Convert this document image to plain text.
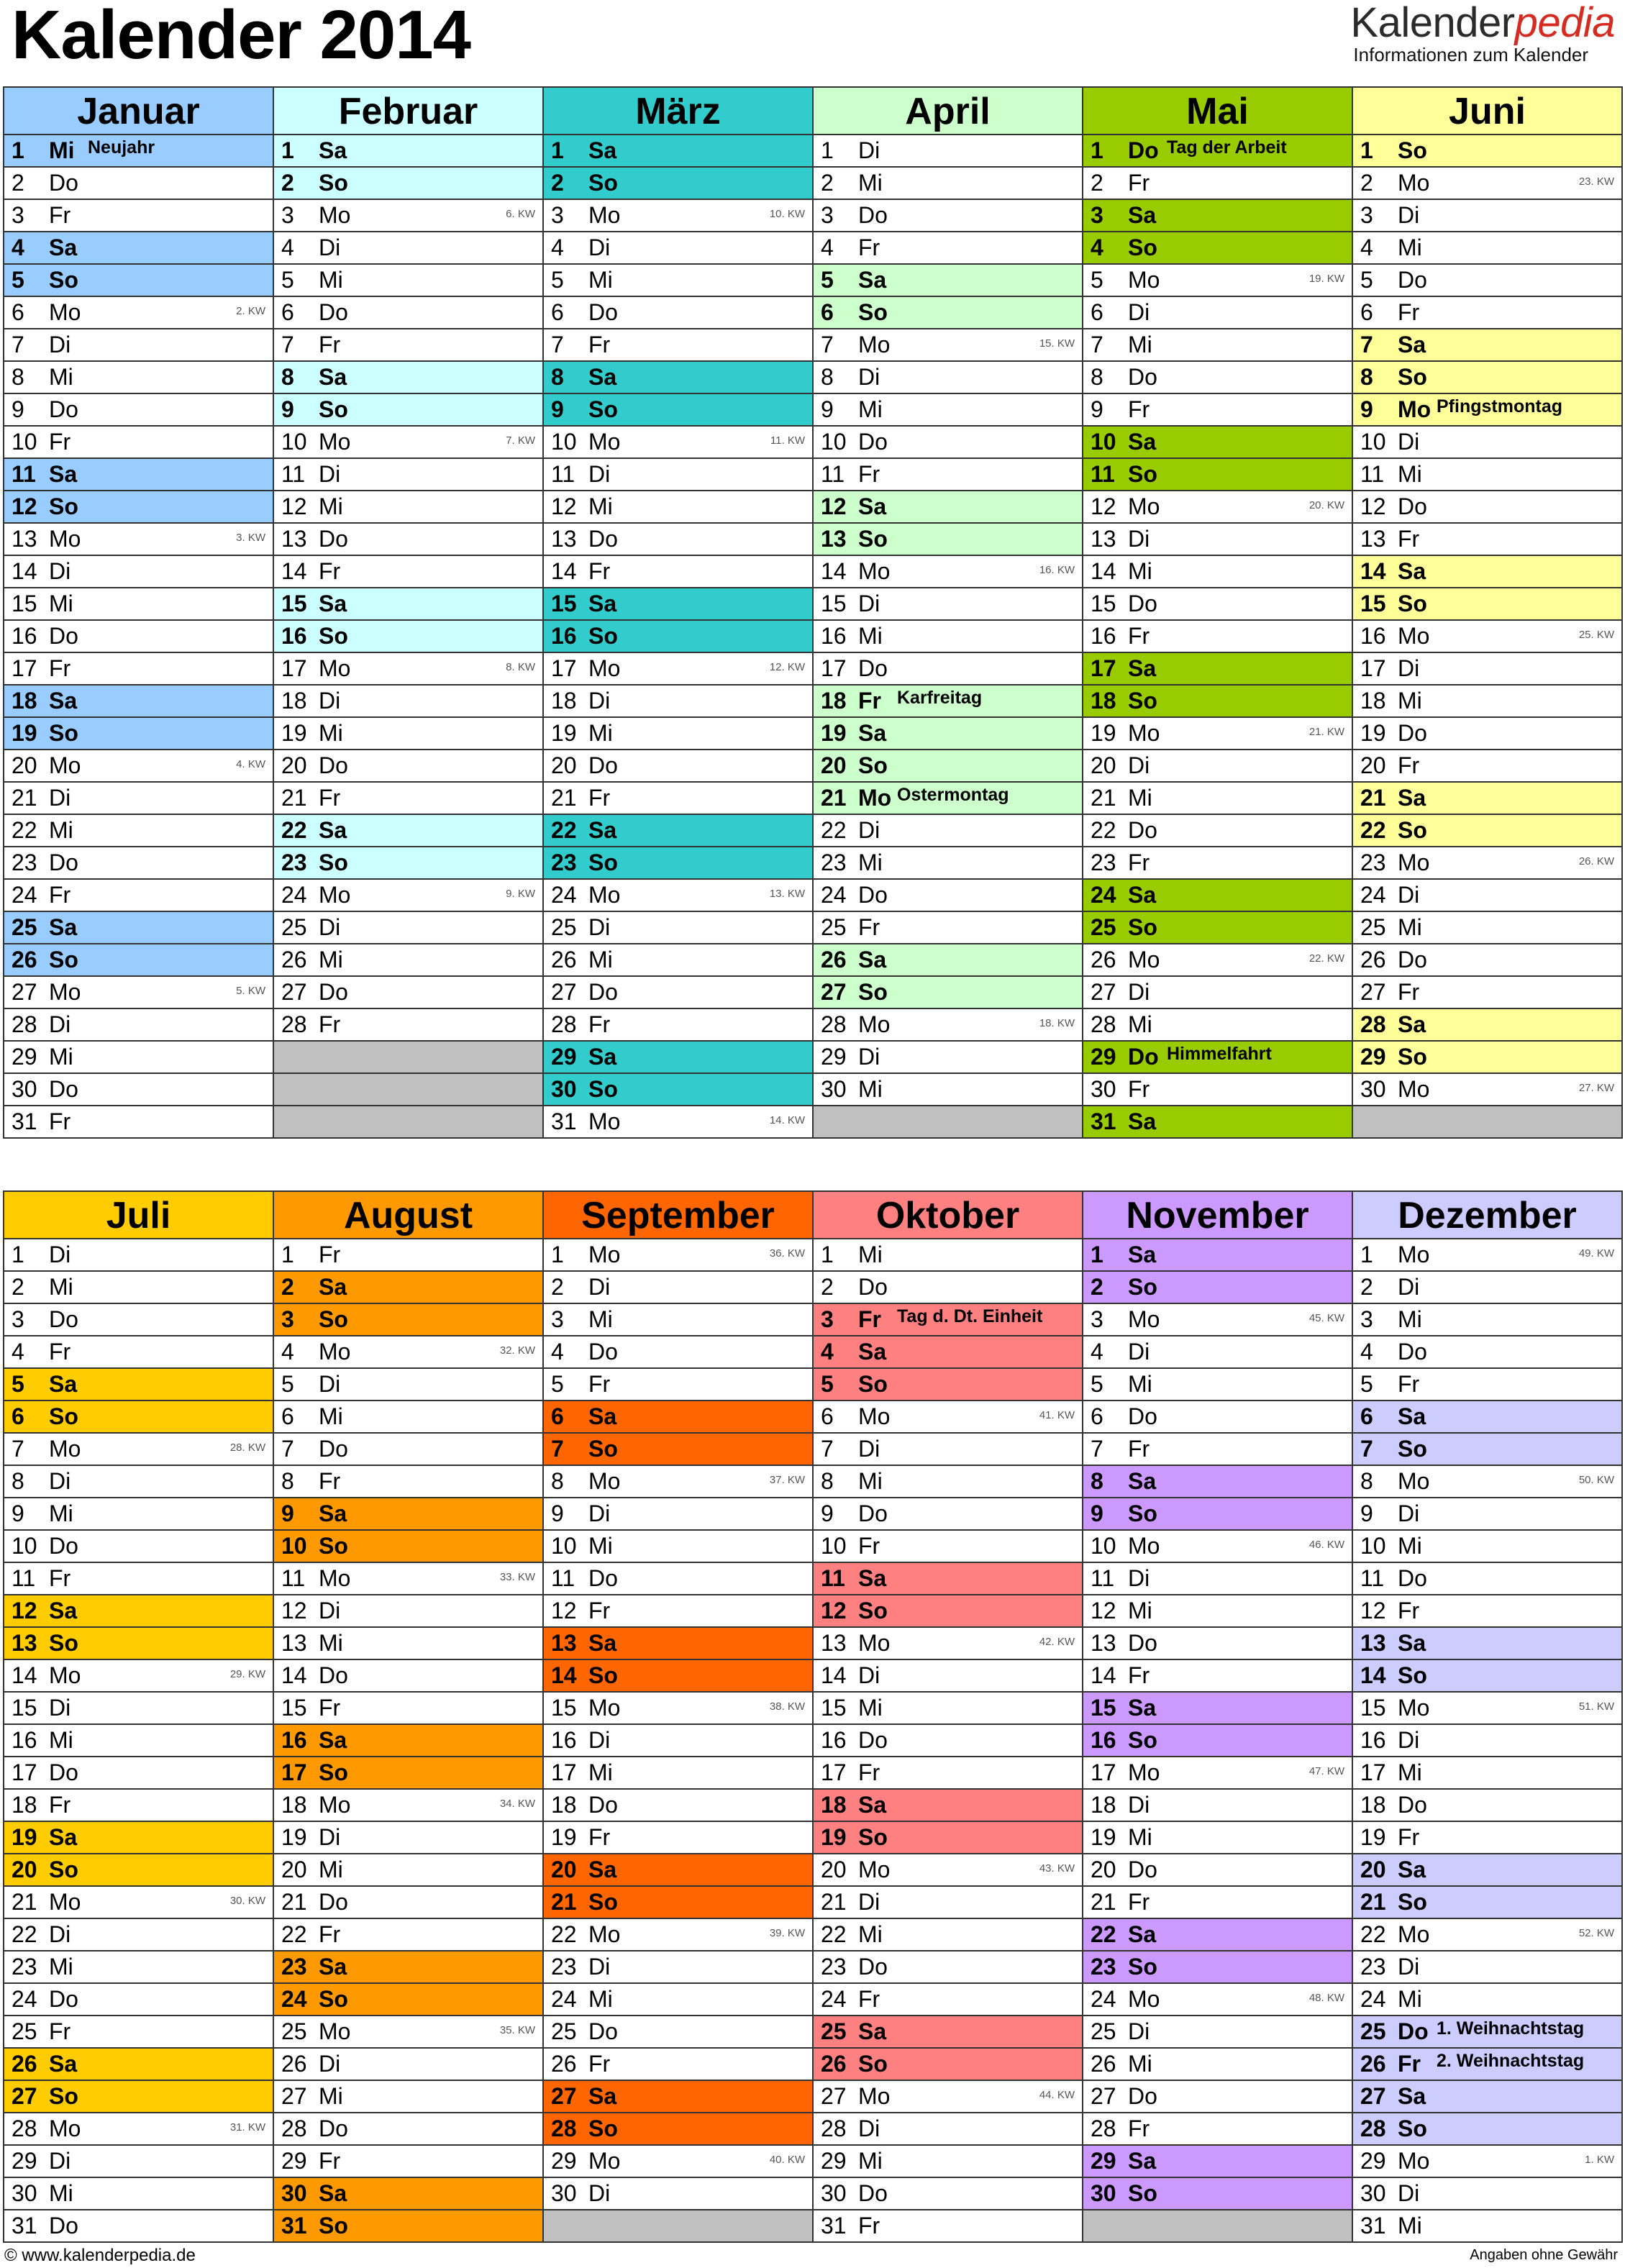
Kalender 2014	Kalenderpedia
Informationen zum Kalender
Januar
1 Mi Neujahr
2 Do
3 Fr
4 Sa
5 So
6 Mo	2. KW
7 Di
8 Mi
9 Do
10 Fr
11 Sa
12 So
13 Mo	3. KW
14 Di
15 Mi
16 Do
17 Fr
18 Sa
19 So
20 Mo	4. KW
21 Di
22 Mi
23 Do
24 Fr
25 Sa
26 So
27 Mo	5. KW
28 Di
29 Mi
30 Do
31 Fr
Februar
1 Sa
2 So
3 Mo	6. KW
4 Di
5 Mi
6 Do
7 Fr
8 Sa
9 So
10 Mo	7. KW
11 Di
12 Mi
13 Do
14 Fr
15 Sa
16 So
17 Mo	8. KW
18 Di
19 Mi
20 Do
21 Fr
22 Sa
23 So
24 Mo	9. KW
25 Di
26 Mi
27 Do
28 Fr
März
1 Sa
2 So
3 Mo	10. KW
4 Di
5 Mi
6 Do
7 Fr
8 Sa
9 So
10 Mo	11. KW
11 Di
12 Mi
13 Do
14 Fr
15 Sa
16 So
17 Mo	12. KW
18 Di
19 Mi
20 Do
21 Fr
22 Sa
23 So
24 Mo	13. KW
25 Di
26 Mi
27 Do
28 Fr
29 Sa
30 So
31 Mo	14. KW
April
1 Di
2 Mi
3 Do
4 Fr
5 Sa
6 So
7 Mo	15. KW
8 Di
9 Mi
10 Do
11 Fr
12 Sa
13 So
14 Mo	16. KW
15 Di
16 Mi
17 Do
18 Fr Karfreitag
19 Sa
20 So
21 Mo Ostermontag
22 Di
23 Mi
24 Do
25 Fr
26 Sa
27 So
28 Mo	18. KW
29 Di
30 Mi
Mai
1 Do Tag der Arbeit
2 Fr
3 Sa
4 So
5 Mo	19. KW
6 Di
7 Mi
8 Do
9 Fr
10 Sa
11 So
12 Mo	20. KW
13 Di
14 Mi
15 Do
16 Fr
17 Sa
18 So
19 Mo	21. KW
20 Di
21 Mi
22 Do
23 Fr
24 Sa
25 So
26 Mo	22. KW
27 Di
28 Mi
29 Do Himmelfahrt
30 Fr
31 Sa
Juni
1 So
2 Mo	23. KW
3 Di
4 Mi
5 Do
6 Fr
7 Sa
8 So
9 Mo Pfingstmontag
10 Di
11 Mi
12 Do
13 Fr
14 Sa
15 So
16 Mo	25. KW
17 Di
18 Mi
19 Do
20 Fr
21 Sa
22 So
23 Mo	26. KW
24 Di
25 Mi
26 Do
27 Fr
28 Sa
29 So
30 Mo	27. KW
Juli
1 Di
2 Mi
3 Do
4 Fr
5 Sa
6 So
7 Mo	28. KW
8 Di
9 Mi
10 Do
11 Fr
12 Sa
13 So
14 Mo	29. KW
15 Di
16 Mi
17 Do
18 Fr
19 Sa
20 So
21 Mo	30. KW
22 Di
23 Mi
24 Do
25 Fr
26 Sa
27 So
28 Mo	31. KW
29 Di
30 Mi
31 Do
August
1 Fr
2 Sa
3 So
4 Mo	32. KW
5 Di
6 Mi
7 Do
8 Fr
9 Sa
10 So
11 Mo	33. KW
12 Di
13 Mi
14 Do
15 Fr
16 Sa
17 So
18 Mo	34. KW
19 Di
20 Mi
21 Do
22 Fr
23 Sa
24 So
25 Mo	35. KW
26 Di
27 Mi
28 Do
29 Fr
30 Sa
31 So
September
1 Mo	36. KW
2 Di
3 Mi
4 Do
5 Fr
6 Sa
7 So
8 Mo	37. KW
9 Di
10 Mi
11 Do
12 Fr
13 Sa
14 So
15 Mo	38. KW
16 Di
17 Mi
18 Do
19 Fr
20 Sa
21 So
22 Mo	39. KW
23 Di
24 Mi
25 Do
26 Fr
27 Sa
28 So
29 Mo	40. KW
30 Di
Oktober
1 Mi
2 Do
3 Fr Tag d. Dt. Einheit
4 Sa
5 So
6 Mo	41. KW
7 Di
8 Mi
9 Do
10 Fr
11 Sa
12 So
13 Mo	42. KW
14 Di
15 Mi
16 Do
17 Fr
18 Sa
19 So
20 Mo	43. KW
21 Di
22 Mi
23 Do
24 Fr
25 Sa
26 So
27 Mo	44. KW
28 Di
29 Mi
30 Do
31 Fr
November
1 Sa
2 So
3 Mo	45. KW
4 Di
5 Mi
6 Do
7 Fr
8 Sa
9 So
10 Mo	46. KW
11 Di
12 Mi
13 Do
14 Fr
15 Sa
16 So
17 Mo	47. KW
18 Di
19 Mi
20 Do
21 Fr
22 Sa
23 So
24 Mo	48. KW
25 Di
26 Mi
27 Do
28 Fr
29 Sa
30 So
Dezember
1 Mo	49. KW
2 Di
3 Mi
4 Do
5 Fr
6 Sa
7 So
8 Mo	50. KW
9 Di
10 Mi
11 Do
12 Fr
13 Sa
14 So
15 Mo	51. KW
16 Di
17 Mi
18 Do
19 Fr
20 Sa
21 So
22 Mo	52. KW
23 Di
24 Mi
25 Do 1. Weihnachtstag
26 Fr 2. Weihnachtstag
27 Sa
28 So
29 Mo	1. KW
30 Di
31 Mi
© www.kalenderpedia.de	Angaben ohne Gewähr
